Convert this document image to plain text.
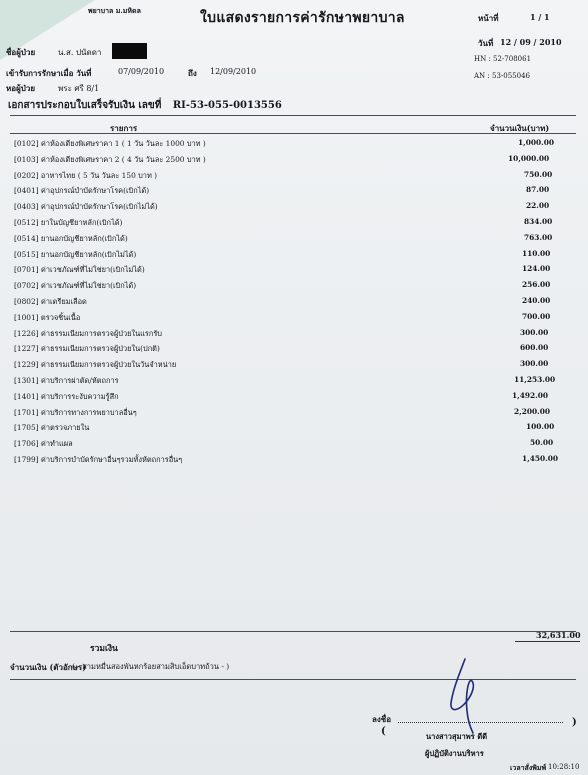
พยาบาล ม.มหิดล	ใบแสดงรายการค่ารักษาพยาบาล	หน้าที่	1 / 1
วันที่ 12 / 09 / 2010
HN : 52-708061
AN : 53-055046
ชื่อผู้ป่วย	น.ส. ปนัดดา
เข้ารับการรักษาเมื่อ วันที่	07/09/2010	ถึง 12/09/2010
หอผู้ป่วย	พระ ศรี 8/1
เอกสารประกอบใบเสร็จรับเงิน เลขที่ RI-53-055-0013556
รายการ	จำนวนเงิน(บาท)
[0102] ค่าห้องเตียงพิเศษราคา 1 ( 1 วัน วันละ 1000 บาท )	1,000.00
[0103] ค่าห้องเตียงพิเศษราคา 2 ( 4 วัน วันละ 2500 บาท )	10,000.00
[0202] อาหารไทย ( 5 วัน วันละ 150 บาท )	750.00
[0401] ค่าอุปกรณ์บำบัดรักษาโรค(เบิกได้)	87.00
[0403] ค่าอุปกรณ์บำบัดรักษาโรค(เบิกไม่ได้)	22.00
[0512] ยาในบัญชียาหลัก(เบิกได้)	834.00
[0514] ยานอกบัญชียาหลัก(เบิกได้)	763.00
[0515] ยานอกบัญชียาหลัก(เบิกไม่ได้)	110.00
[0701] ค่าเวชภัณฑ์ที่ไม่ใช่ยา(เบิกไม่ได้)	124.00
[0702] ค่าเวชภัณฑ์ที่ไม่ใช่ยา(เบิกได้)	256.00
[0802] ค่าเตรียมเลือด	240.00
[1001] ตรวจชิ้นเนื้อ	700.00
[1226] ค่าธรรมเนียมการตรวจผู้ป่วยในแรกรับ	300.00
[1227] ค่าธรรมเนียมการตรวจผู้ป่วยใน(ปกติ)	600.00
[1229] ค่าธรรมเนียมการตรวจผู้ป่วยในวันจำหน่าย	300.00
[1301] ค่าบริการผ่าตัด/หัตถการ	11,253.00
[1401] ค่าบริการระงับความรู้สึก	1,492.00
[1701] ค่าบริการทางการพยาบาลอื่นๆ	2,200.00
[1705] ค่าตรวจภายใน	100.00
[1706] ค่าทำแผล	50.00
[1799] ค่าบริการบำบัดรักษาอื่นๆรวมทั้งหัตถการอื่นๆ	1,450.00
รวมเงิน
32,631.00
จำนวนเงิน (ตัวอักษร)
( - สามหมื่นสองพันหกร้อยสามสิบเอ็ดบาทถ้วน - )
ลงชื่อ
(	นางสาวสุมาพร ดีดี
)
ผู้ปฏิบัติงานบริหาร
เวลาสั่งพิมพ์ 10:28:10
